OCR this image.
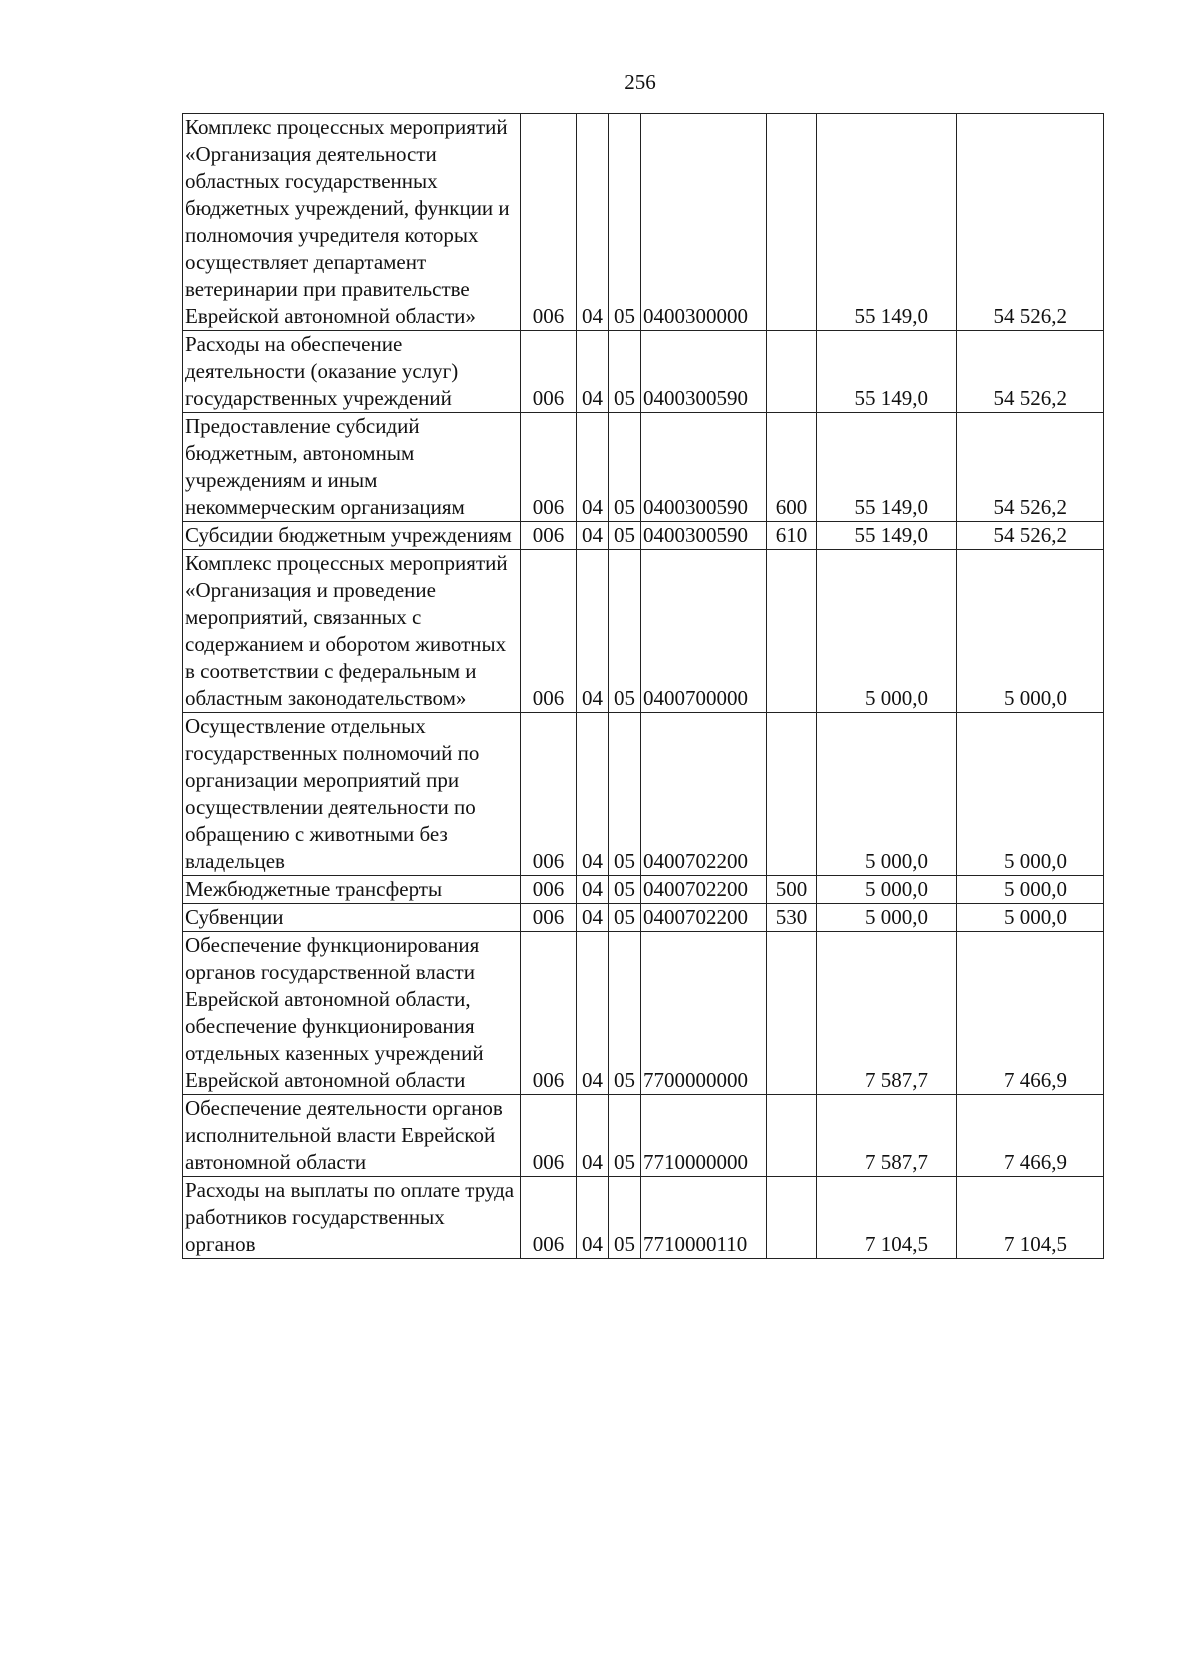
256
Комплекс процессных мероприятий «Организация деятельности областных государственных бюджетных учреждений, функции и полномочия учредителя которых осуществляет департамент ветеринарии при правительстве Еврейской автономной области»	006	04	05	0400300000		55 149,0	54 526,2
Расходы на обеспечение деятельности (оказание услуг) государственных учреждений	006	04	05	0400300590		55 149,0	54 526,2
Предоставление субсидий бюджетным, автономным учреждениям и иным некоммерческим организациям	006	04	05	0400300590	600	55 149,0	54 526,2
Субсидии бюджетным учреждениям	006	04	05	0400300590	610	55 149,0	54 526,2
Комплекс процессных мероприятий «Организация и проведение мероприятий, связанных с содержанием и оборотом животных в соответствии с федеральным и областным законодательством»	006	04	05	0400700000		5 000,0	5 000,0
Осуществление отдельных государственных полномочий по организации мероприятий при осуществлении деятельности по обращению с животными без владельцев	006	04	05	0400702200		5 000,0	5 000,0
Межбюджетные трансферты	006	04	05	0400702200	500	5 000,0	5 000,0
Субвенции	006	04	05	0400702200	530	5 000,0	5 000,0
Обеспечение функционирования органов государственной власти Еврейской автономной области, обеспечение функционирования отдельных казенных учреждений Еврейской автономной области	006	04	05	7700000000		7 587,7	7 466,9
Обеспечение деятельности органов исполнительной власти Еврейской автономной области	006	04	05	7710000000		7 587,7	7 466,9
Расходы на выплаты по оплате труда работников государственных органов	006	04	05	7710000110		7 104,5	7 104,5
